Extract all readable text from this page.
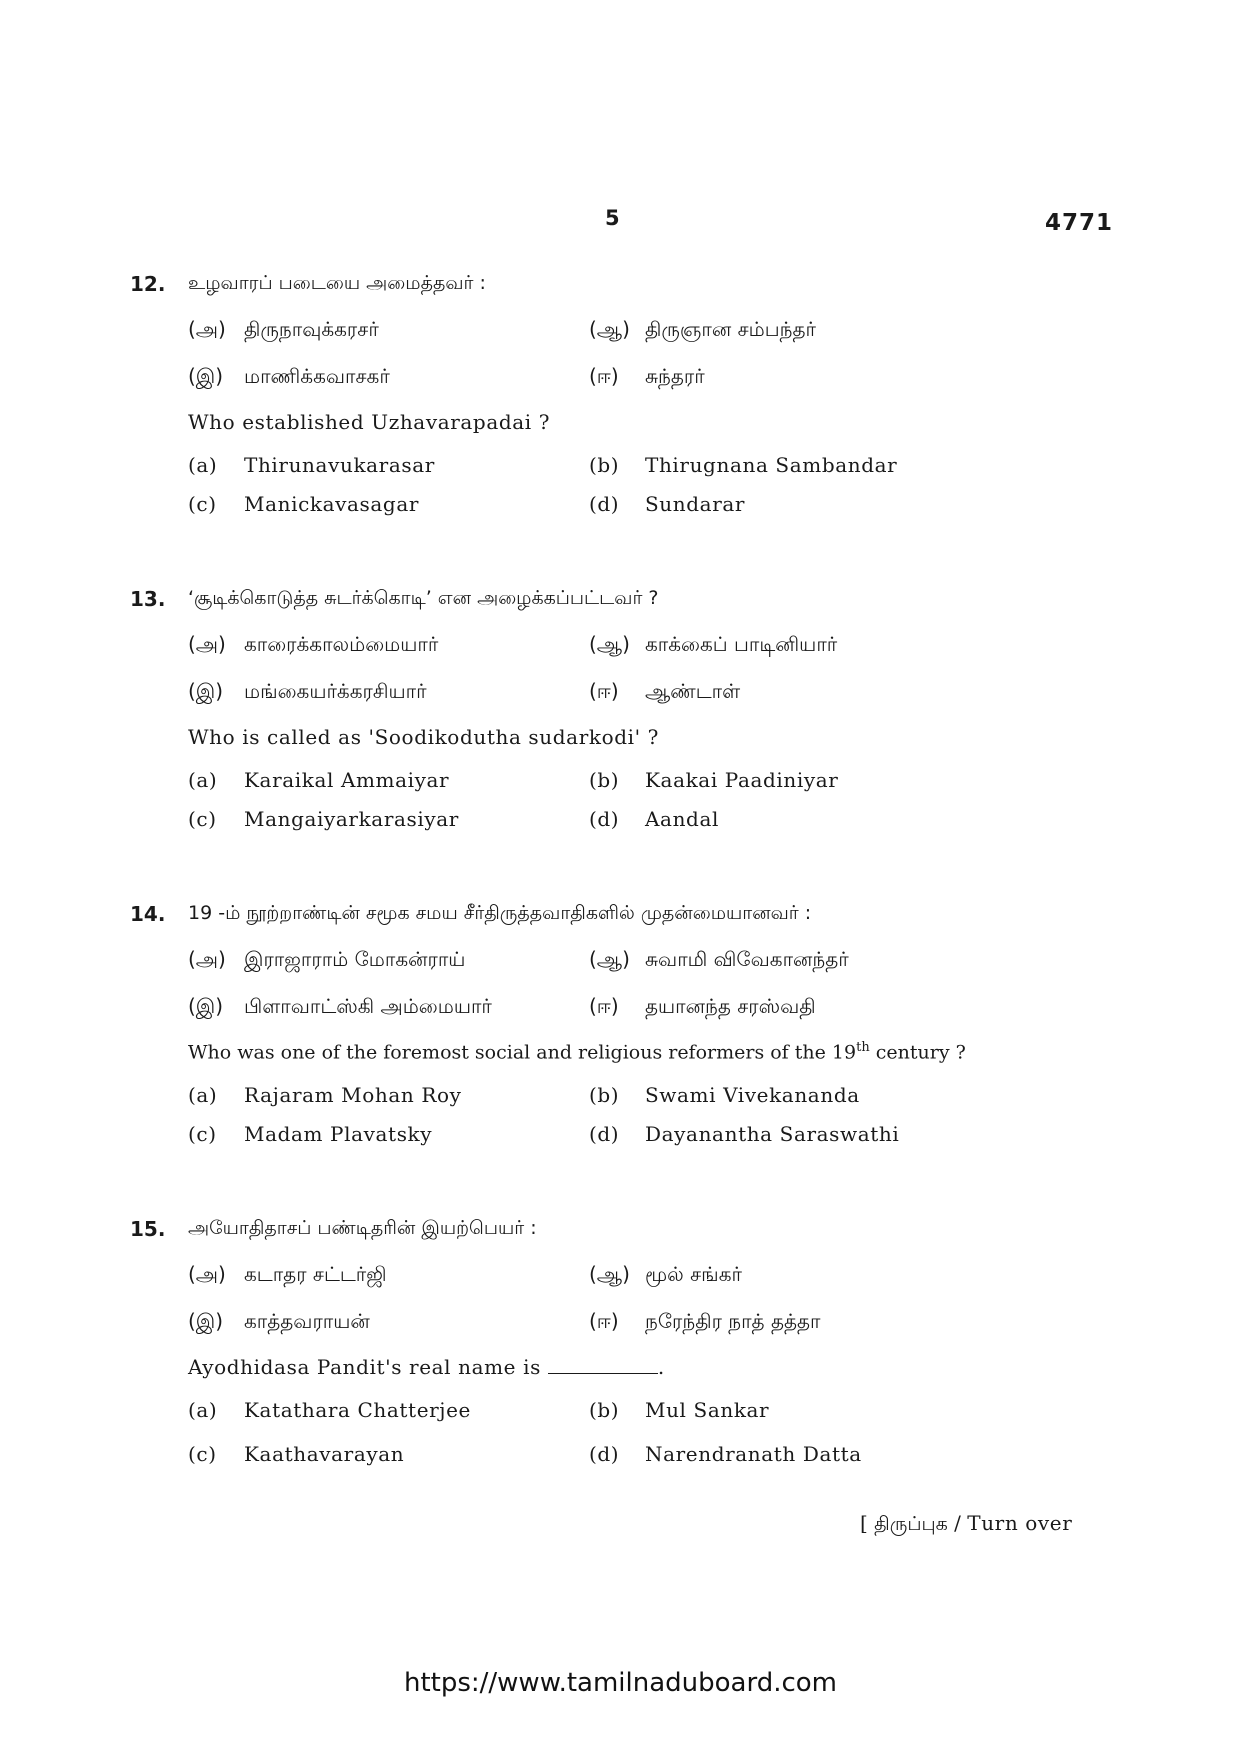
5	4771
12. உழவாரப் படையை அமைத்தவர் :
(அ) திருநாவுக்கரசர்	(ஆ) திருஞான சம்பந்தர்
(இ) மாணிக்கவாசகர்	(ஈ) சுந்தரர்
Who established Uzhavarapadai ?
(a) Thirunavukarasar	(b) Thirugnana Sambandar
(c) Manickavasagar	(d) Sundarar
13. ‘சூடிக்கொடுத்த சுடர்க்கொடி’ என அழைக்கப்பட்டவர் ?
(அ) காரைக்காலம்மையார்	(ஆ) காக்கைப் பாடினியார்
(இ) மங்கையர்க்கரசியார்	(ஈ) ஆண்டாள்
Who is called as 'Soodikodutha sudarkodi' ?
(a) Karaikal Ammaiyar	(b) Kaakai Paadiniyar
(c) Mangaiyarkarasiyar	(d) Aandal
14. 19 -ம் நூற்றாண்டின் சமூக சமய சீர்திருத்தவாதிகளில் முதன்மையானவர் :
(அ) இராஜாராம் மோகன்ராய்	(ஆ) சுவாமி விவேகானந்தர்
(இ) பிளாவாட்ஸ்கி அம்மையார்	(ஈ) தயானந்த சரஸ்வதி
Who was one of the foremost social and religious reformers of the 19th century ?
(a) Rajaram Mohan Roy	(b) Swami Vivekananda
(c) Madam Plavatsky	(d) Dayanantha Saraswathi
15. அயோதிதாசப் பண்டிதரின் இயற்பெயர் :
(அ) கடாதர சட்டர்ஜி	(ஆ) மூல் சங்கர்
(இ) காத்தவராயன்	(ஈ) நரேந்திர நாத் தத்தா
Ayodhidasa Pandit's real name is	.
(a) Katathara Chatterjee	(b) Mul Sankar
(c) Kaathavarayan	(d) Narendranath Datta
[ திருப்புக / Turn over
https://www.tamilnaduboard.com
